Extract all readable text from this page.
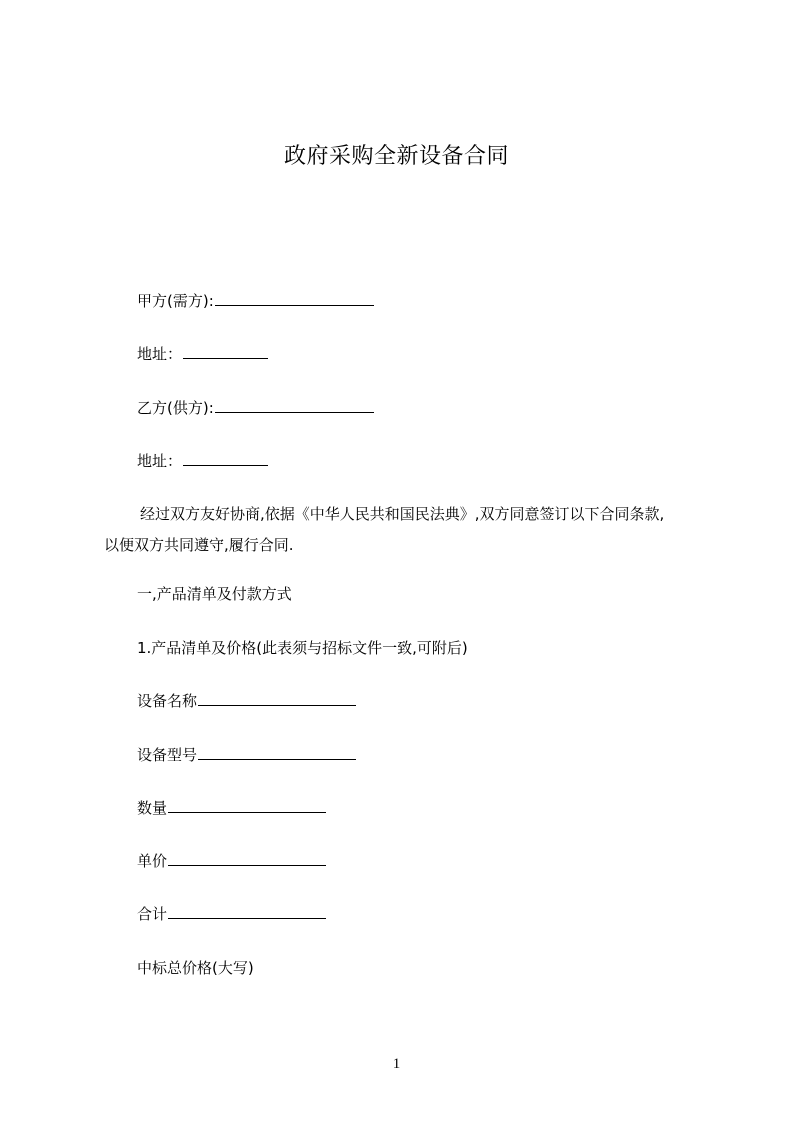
政府采购全新设备合同
甲方(需方):
地址：
乙方(供方):
地址：
经过双方友好协商,依据《中华人民共和国民法典》,双方同意签订以下合同条款,
以便双方共同遵守,履行合同.
一,产品清单及付款方式
1.产品清单及价格(此表须与招标文件一致,可附后)
设备名称
设备型号
数量
单价
合计
中标总价格(大写)
1
